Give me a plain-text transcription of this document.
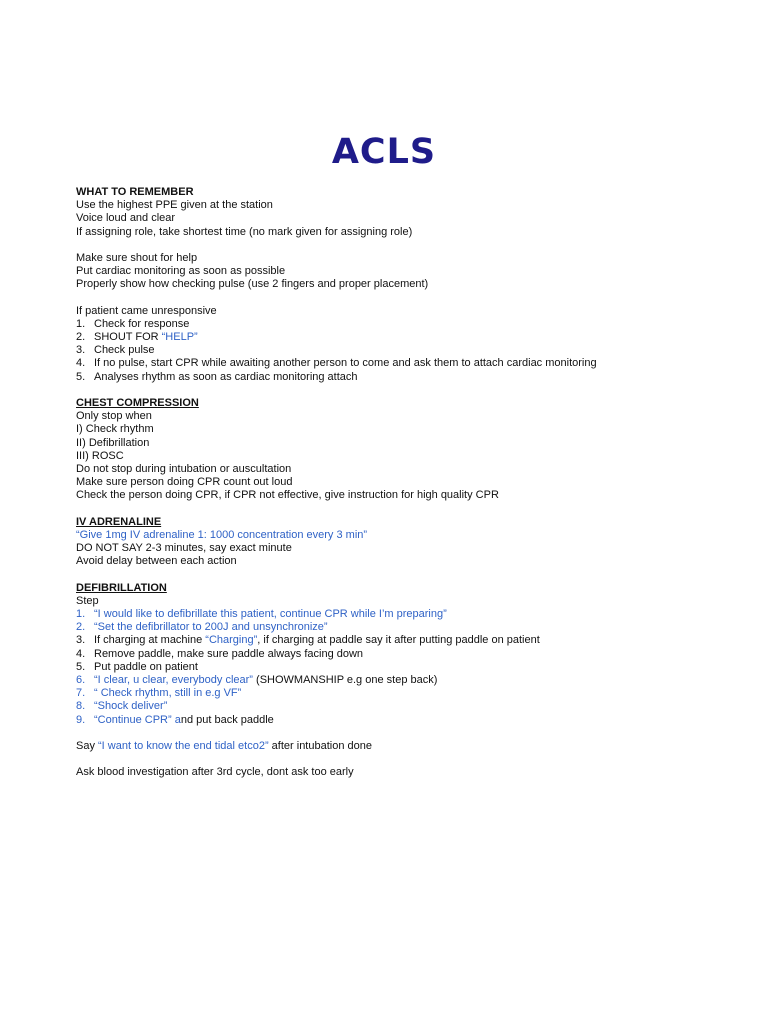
ACLS
WHAT TO REMEMBER
Use the highest PPE given at the station
Voice loud and clear
If assigning role, take shortest time (no mark given for assigning role)
Make sure shout for help
Put cardiac monitoring as soon as possible
Properly show how checking pulse (use 2 fingers and proper placement)
If patient came unresponsive
1. Check for response
2. SHOUT FOR “HELP”
3. Check pulse
4. If no pulse, start CPR while awaiting another person to come and ask them to attach cardiac monitoring
5. Analyses rhythm as soon as cardiac monitoring attach
CHEST COMPRESSION
Only stop when
I) Check rhythm
II) Defibrillation
III) ROSC
Do not stop during intubation or auscultation
Make sure person doing CPR count out loud
Check the person doing CPR, if CPR not effective, give instruction for high quality CPR
IV ADRENALINE
“Give 1mg IV adrenaline 1: 1000 concentration every 3 min”
DO NOT SAY 2-3 minutes, say exact minute
Avoid delay between each action
DEFIBRILLATION
Step
1. “I would like to defibrillate this patient, continue CPR while I’m preparing”
2. “Set the defibrillator to 200J and unsynchronize”
3. If charging at machine “Charging”, if charging at paddle say it after putting paddle on patient
4. Remove paddle, make sure paddle always facing down
5. Put paddle on patient
6. “I clear, u clear, everybody clear” (SHOWMANSHIP e.g one step back)
7. “ Check rhythm, still in e.g VF”
8. “Shock deliver”
9. “Continue CPR” and put back paddle
Say “I want to know the end tidal etco2” after intubation done
Ask blood investigation after 3rd cycle, dont ask too early
